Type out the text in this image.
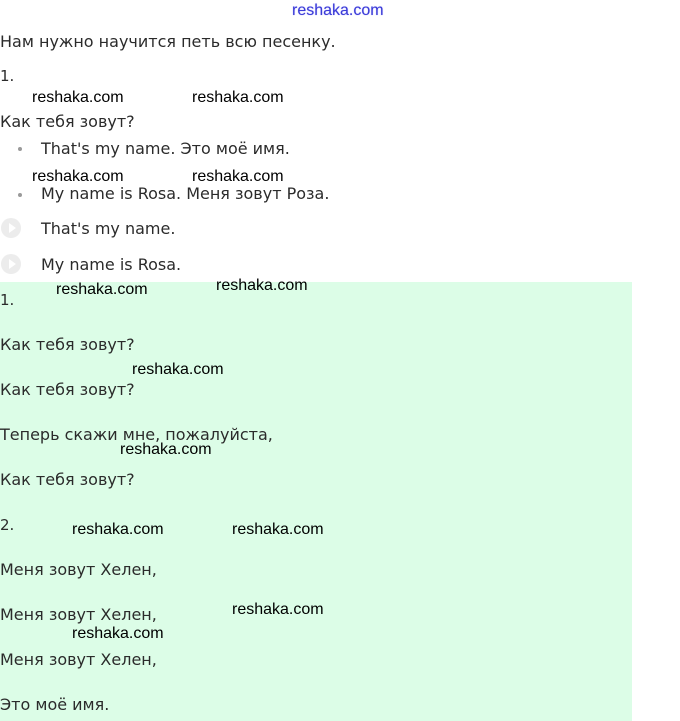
reshaka.com
Нам нужно научится петь всю песенку.
1.
Как тебя зовут?
That's my name. Это моё имя.
My name is Rosa. Меня зовут Роза.
That's my name.
My name is Rosa.
1.
Как тебя зовут?
Как тебя зовут?
Теперь скажи мне, пожалуйста,
Как тебя зовут?
2.
Меня зовут Хелен,
Меня зовут Хелен,
Меня зовут Хелен,
Это моё имя.
reshaka.com	reshaka.com
reshaka.com	reshaka.com
reshaka.com	reshaka.com
reshaka.com
reshaka.com
reshaka.com	reshaka.com
reshaka.com
reshaka.com
